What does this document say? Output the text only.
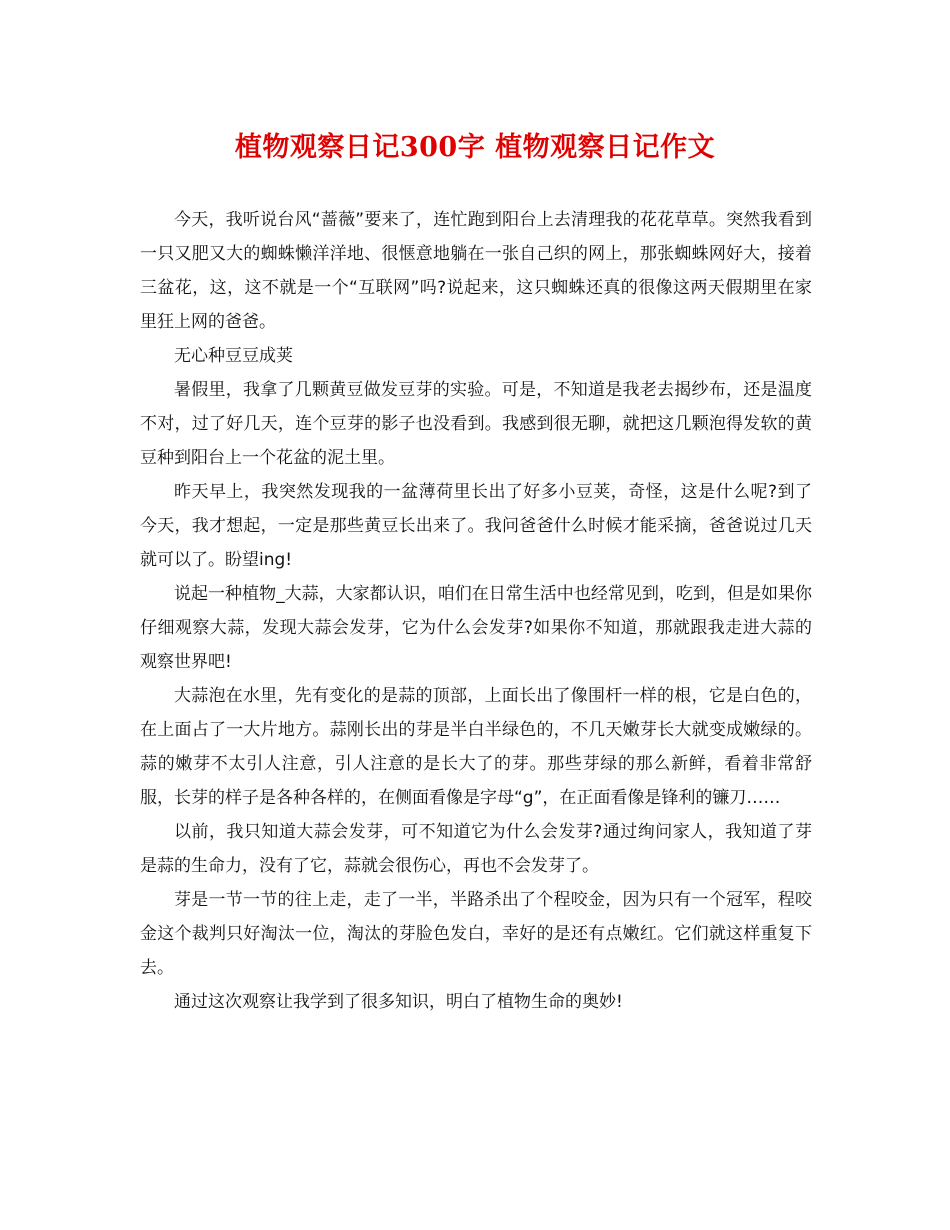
植物观察日记300字 植物观察日记作文

今天，我听说台风“蔷薇”要来了，连忙跑到阳台上去清理我的花花草草。突然我看到一只又肥又大的蜘蛛懒洋洋地、很惬意地躺在一张自己织的网上，那张蜘蛛网好大，接着三盆花，这，这不就是一个“互联网”吗?说起来，这只蜘蛛还真的很像这两天假期里在家里狂上网的爸爸。

无心种豆豆成荚

暑假里，我拿了几颗黄豆做发豆芽的实验。可是，不知道是我老去揭纱布，还是温度不对，过了好几天，连个豆芽的影子也没看到。我感到很无聊，就把这几颗泡得发软的黄豆种到阳台上一个花盆的泥土里。

昨天早上，我突然发现我的一盆薄荷里长出了好多小豆荚，奇怪，这是什么呢?到了今天，我才想起，一定是那些黄豆长出来了。我问爸爸什么时候才能采摘，爸爸说过几天就可以了。盼望ing!

说起一种植物_大蒜，大家都认识，咱们在日常生活中也经常见到，吃到，但是如果你仔细观察大蒜，发现大蒜会发芽，它为什么会发芽?如果你不知道，那就跟我走进大蒜的观察世界吧!

大蒜泡在水里，先有变化的是蒜的顶部，上面长出了像围杆一样的根，它是白色的，在上面占了一大片地方。蒜刚长出的芽是半白半绿色的，不几天嫩芽长大就变成嫩绿的。蒜的嫩芽不太引人注意，引人注意的是长大了的芽。那些芽绿的那么新鲜，看着非常舒服，长芽的样子是各种各样的，在侧面看像是字母“g”，在正面看像是锋利的镰刀……

以前，我只知道大蒜会发芽，可不知道它为什么会发芽?通过绚问家人，我知道了芽是蒜的生命力，没有了它，蒜就会很伤心，再也不会发芽了。

芽是一节一节的往上走，走了一半，半路杀出了个程咬金，因为只有一个冠军，程咬金这个裁判只好淘汰一位，淘汰的芽脸色发白，幸好的是还有点嫩红。它们就这样重复下去。

通过这次观察让我学到了很多知识，明白了植物生命的奥妙!
